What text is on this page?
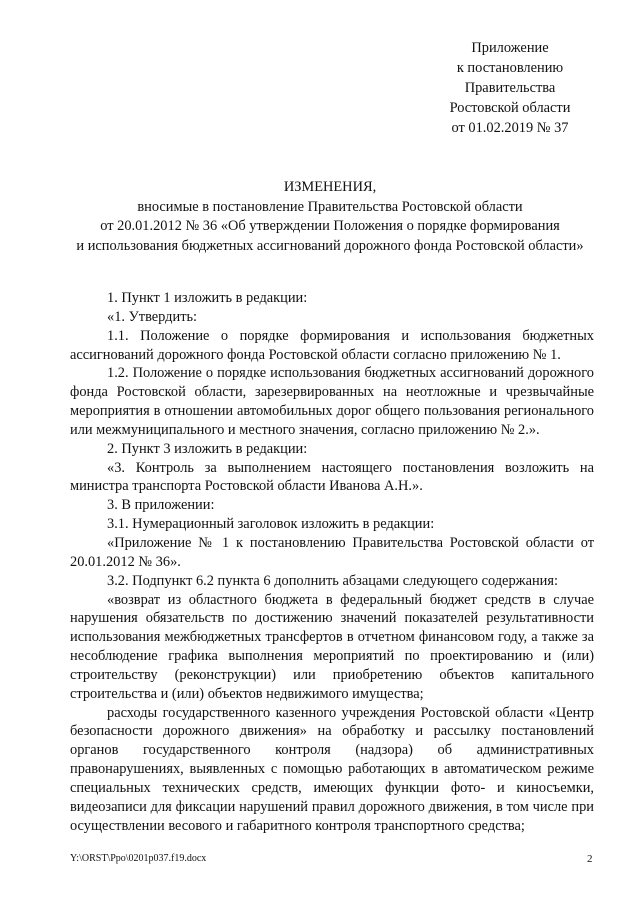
Приложение
к постановлению
Правительства
Ростовской области
от 01.02.2019 № 37
ИЗМЕНЕНИЯ,
вносимые в постановление Правительства Ростовской области
от 20.01.2012 № 36 «Об утверждении Положения о порядке формирования
и использования бюджетных ассигнований дорожного фонда Ростовской области»

1. Пункт 1 изложить в редакции:

«1. Утвердить:

1.1. Положение о порядке формирования и использования бюджетных ассигнований дорожного фонда Ростовской области согласно приложению № 1.

1.2. Положение о порядке использования бюджетных ассигнований дорожного фонда Ростовской области, зарезервированных на неотложные и чрезвычайные мероприятия в отношении автомобильных дорог общего пользования регионального или межмуниципального и местного значения, согласно приложению № 2.».

2. Пункт 3 изложить в редакции:

«3. Контроль за выполнением настоящего постановления возложить на министра транспорта Ростовской области Иванова А.Н.».

3. В приложении:

3.1. Нумерационный заголовок изложить в редакции:

«Приложение № 1 к постановлению Правительства Ростовской области от 20.01.2012 № 36».

3.2. Подпункт 6.2 пункта 6 дополнить абзацами следующего содержания:

«возврат из областного бюджета в федеральный бюджет средств в случае нарушения обязательств по достижению значений показателей результативности использования межбюджетных трансфертов в отчетном финансовом году, а также за несоблюдение графика выполнения мероприятий по проектированию и (или) строительству (реконструкции) или приобретению объектов капитального строительства и (или) объектов недвижимого имущества;

расходы государственного казенного учреждения Ростовской области «Центр безопасности дорожного движения» на обработку и рассылку постановлений органов государственного контроля (надзора) об административных правонарушениях, выявленных с помощью работающих в автоматическом режиме специальных технических средств, имеющих функции фото- и киносъемки, видеозаписи для фиксации нарушений правил дорожного движения, в том числе при осуществлении весового и габаритного контроля транспортного средства;

Y:\ORST\Ppo\0201p037.f19.docx	2
